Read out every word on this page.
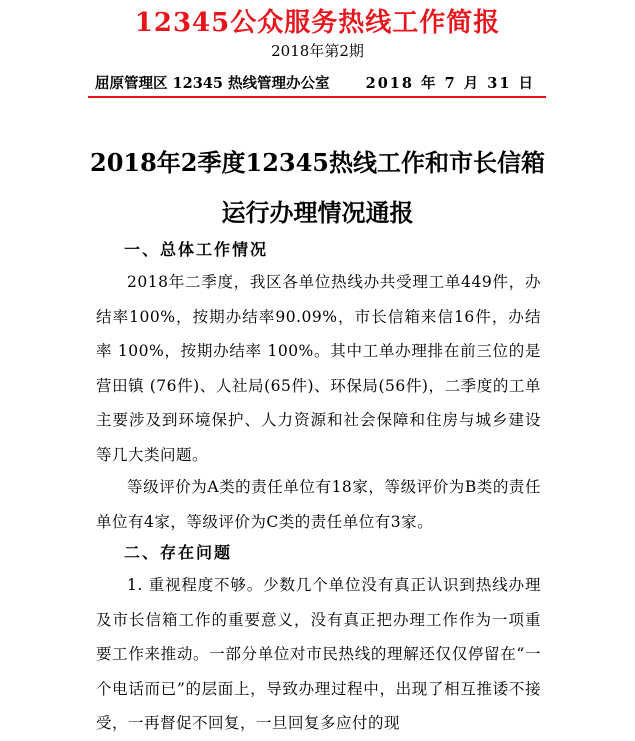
12345公众服务热线工作简报
2018年第2期
屈原管理区 12345 热线管理办公室 2018 年 7 月 31 日
2018年2季度12345热线工作和市长信箱
运行办理情况通报
一、总体工作情况
2018年二季度，我区各单位热线办共受理工单449件，办结率100%，按期办结率90.09%，市长信箱来信16件，办结率 100%，按期办结率 100%。其中工单办理排在前三位的是营田镇 (76件)、人社局(65件)、环保局(56件)，二季度的工单主要涉及到环境保护、人力资源和社会保障和住房与城乡建设等几大类问题。
等级评价为A类的责任单位有18家，等级评价为B类的责任单位有4家，等级评价为C类的责任单位有3家。
二、存在问题
1. 重视程度不够。少数几个单位没有真正认识到热线办理及市长信箱工作的重要意义，没有真正把办理工作作为一项重要工作来推动。一部分单位对市民热线的理解还仅仅停留在“一个电话而已”的层面上，导致办理过程中，出现了相互推诿不接受，一再督促不回复，一旦回复多应付的现
